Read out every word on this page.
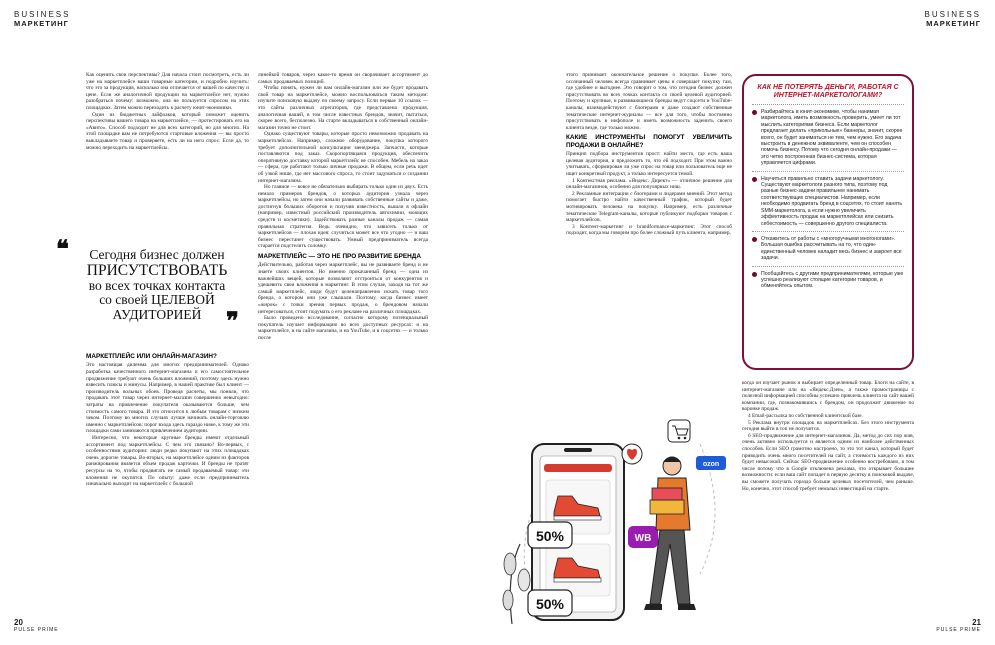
BUSINESS
МАРКЕТИНГ
BUSINESS
МАРКЕТИНГ

Как оценить свои перспективы? Для начала стоит посмотреть, есть ли уже на маркетплейсе ваши товарные категории, и подробно изучить: что это за продукция, насколько она отличается от вашей по качеству и цене. Если же аналогичной продукции на маркетплейсе нет, нужно разобраться почему: возможно, она не пользуется спросом на этих площадках. Затем можно переходить к расчету юнит-экономики.

Один из бюджетных лайфхаков, который поможет оценить перспективы вашего товара на маркетплейсе, — протестировать его на «Авито». Способ подходит не для всех категорий, но для многих. На этой площадке вам не потребуются стартовые вложения — вы просто выкладываете товар и проверяете, есть ли на него спрос. Если да, то можно переходить на маркетплейсы.

❝
❞
Сегодня бизнес должен
ПРИСУТСТВОВАТЬ
во всех точках контакта
со своей ЦЕЛЕВОЙ
АУДИТОРИЕЙ
МАРКЕТПЛЕЙС ИЛИ ОНЛАЙН-МАГАЗИН?

Это настоящая дилемма для многих предпринимателей. Однако разработка качественного интернет-магазина и его самостоятельное продвижение требуют очень больших вложений, поэтому здесь нужно взвесить плюсы и минусы. Например, в нашей практике был клиент — производитель вольных обоев. Проведя расчеты, мы поняли, что продавать этот товар через интернет-магазин совершенно невыгодно: затраты на привлечение покупателя оказываются больше, чем стоимость самого товара. И это относится к любым товарам с низким чеком. Поэтому во многих случаях лучше начинать онлайн-торговлю именно с маркетплейсов: порог входа здесь гораздо ниже, к тому же эти площадки сами занимаются привлечением аудитории.

Интересно, что некоторые крупные бренды имеют отдельный ассортимент под маркетплейсы. С чем это связано? Во-первых, с особенностями аудитории: люди редко покупают на этих площадках очень дорогие товары. Во-вторых, на маркетплейсе одним из факторов ранжирования является объем продаж карточки. И бренды не тратят ресурсы на то, чтобы продвигать не самый продаваемый товар: эти вложения не окупятся. По опыту: даже если предприниматель изначально выходит на маркетплейс с большой

линейкой товаров, через какое-то время он сворачивает ассортимент до самых продаваемых позиций.

Чтобы понять, нужен ли вам онлайн-магазин или же будет продавать свой товар на маркетплейсе, можно воспользоваться таким методом: изучите поисковую выдачу по своему запросу. Если первые 10 ссылок — это сайты различных агрегаторов, где представлена продукция, аналогичная вашей, в том числе известных брендов, значит, пытаться, скорее всего, бесполезно. На старте вкладываться в собственный онлайн-магазин точно не стоит.

Однако существуют товары, которые просто невозможно продавать на маркетплейсах. Например, сложное оборудование, покупка которого требует дополнительной консультации менеджера. Запчасти, которые поставляются под заказ. Скоропортящаяся продукция, обеспечить оперативную доставку которой маркетплейс не способен. Мебель на заказ — сфера, где работают только личные продажи. В общем, если речь идет об узкой нише, где нет массового спроса, то стоит задуматься о создании интернет-магазина.

Но главное — вовсе не обязательно выбирать только один из двух. Есть немало примеров брендов, о которых аудитория узнала через маркетплейсы, но затем они начали развивать собственные сайты и даже, достигнув больших оборотов и получив известность, вышли в офлайн (например, известный российский производитель автохимии, моющих средств и косметики). Задействовать разные каналы продаж — самая правильная стратегия. Ведь очевидно, что зависеть только от маркетплейсов — плохая идея: случиться может все что угодно — и ваш бизнес перестанет существовать. Умный предприниматель всегда старается подстелить соломку.

МАРКЕТПЛЕЙС — ЭТО НЕ ПРО РАЗВИТИЕ БРЕНДА

Действительно, работая через маркетплейс, вы не развиваете бренд и не знаете своих клиентов. Но именно прокачанный бренд — одна из важнейших вещей, которые позволяют отстроиться от конкурентов и удешевить свои вложения в маркетинг. В этом случае, заходя на тот же самый маркетплейс, люди будут целенаправленно искать товар того бренда, о котором они уже слышали. Поэтому, когда бизнес имеет «жирок» с точки зрения первых продаж, о брендовом начали интересоваться, стоит подумать о его рекламе на различных площадках.

Было проведено исследование, согласно которому потенциальный покупатель изучает информацию во всех доступных ресурсах: и на маркетплейсе, и на сайте магазина, и на YouTube, и в соцсетях — и только после

20
PULSE PRIME

этого принимает окончательное решение о покупке. Более того, осознанный человек всегда сравнивает цены и совершает покупку там, где удобнее и выгоднее. Это говорит о том, что сегодня бизнес должен присутствовать во всех точках контакта со своей целевой аудиторией. Поэтому и крупные, и развивающиеся бренды ведут соцсети и YouTube-каналы, взаимодействуют с блогерами и даже создают собственные тематические интернет-журналы — все для того, чтобы постоянно присутствовать в инфополе и иметь возможность заденить своего клиента везде, где только можно.

КАКИЕ ИНСТРУМЕНТЫ ПОМОГУТ УВЕЛИЧИТЬ ПРОДАЖИ В ОНЛАЙНЕ?

Принцип подбора инструментов прост: найти место, где есть ваша целевая аудитория, и предложить то, что ей подходит. При этом важно учитывать, сформирован ли уже спрос на товар или пользователь еще не ищет конкретный продукт, а только интересуется темой.

1 Контекстная реклама. «Яндекс. Директ» — отличное решение для онлайн-магазинов, особенно для популярных ниш.

2 Рекламные интеграции с блогерами и лидерами мнений. Этот метод помогает быстро найти качественный трафик, который будет мотивировать человека на покупку. Например, есть различные тематические Telegram-каналы, которые публикуют подборки товаров с маркетплейсов.

3 Контент-маркетинг и brandformance-маркетинг. Этот способ подходит, когда мы говорим про более сложный путь клиента, например,

КАК НЕ ПОТЕРЯТЬ ДЕНЬГИ, РАБОТАЯ С ИНТЕРНЕТ-МАРКЕТОЛОГАМИ?
Разбирайтесь в юнит-экономике, чтобы нанимая маркетолога, иметь возможность проверить, умеет ли тот мыслить категориями бизнеса. Если маркетолог предлагает делать «прикольные» баннеры, значит, скорее всего, он будет заниматься не тем, чем нужно. Его задача выстроить в денежном эквиваленте, чем он способен помочь бизнесу. Потому что сегодня онлайн-продажи — это четко построенная бизнес-система, которая управляется цифрами.
Научиться правильно ставить задачи маркетологу. Существуют маркетологи разного типа, поэтому под разные бизнес-задачи правильнее нанимать соответствующих специалистов. Например, если необходимо продвигать бренд в соцсетях, то стоит нанять SMM-маркетолога, а если нужно увеличить эффективность продаж на маркетплейсах или снизить себестоимость — совершенно другого специалиста.
Откажитесь от работы с «многоручными многоногами». Большая ошибка рассчитывать на то, что один-единственный человек наладит весь бизнес и закроет все задачи.
Пообщайтесь с другими предпринимателями, которые уже успешно реализуют стоящие категории товаров, и обменяйтесь опытом.

когда он изучает рынок и выбирает определенный товар. Блоги на сайте, в интернет-магазине или на «Яндекс.Дзен», а также промостраницы с полезной информацией способны успешно привлечь клиента на сайт вашей компании, где, познакомившись с брендом, он продолжит движение по воронке продаж.

4 Email-рассылка по собственной клиентской базе.

5 Реклама внутри площадок на маркетплейсах. Без этого инструмента сегодня выйти в топ не получится.

6 SEO-продвижение для интернет-магазинов. Да, метод до сих пор жив, очень активно используется и является одним из наиболее действенных способов. Если SEO грамотно настроено, то это тот канал, который будет приводить очень много посетителей на сайт, а стоимость каждого из них будет невысокой. Сейчас SEO-продвижение особенно востребовано, в том числе потому что в Google отключена реклама, что открывает большие возможности: если ваш сайт попадет в первую десятку в поисковой выдаче, вы сможете получать гораздо больше целевых посетителей, чем раньше. Но, конечно, этот способ требует немалых инвестиций на старте.

50%
50%
ozon
WB
21
PULSE PRIME
